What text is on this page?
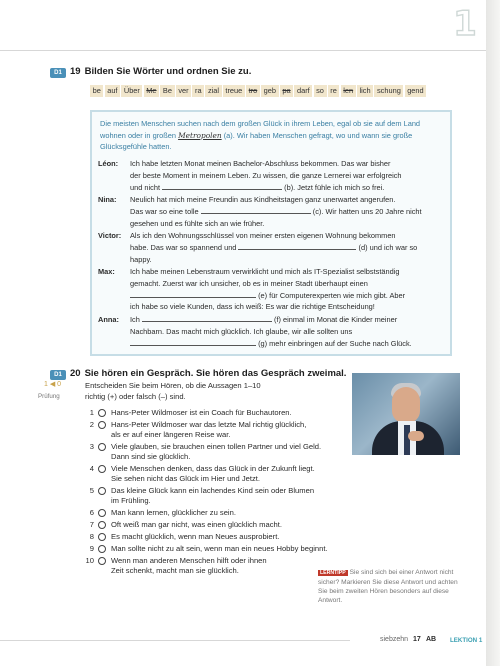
1
D1 19 Bilden Sie Wörter und ordnen Sie zu.
be auf Über Me Be ver ra zial treue tro geb pa darf so re len lich schung gend
Die meisten Menschen suchen nach dem großen Glück in ihrem Leben, egal ob sie auf dem Land wohnen oder in großen Metropolen (a). Wir haben Menschen gefragt, wo und wann sie große Glücksgefühle hatten.
Léon:	Ich habe letzten Monat meinen Bachelor-Abschluss bekommen. Das war bisher
der beste Moment in meinem Leben. Zu wissen, die ganze Lernerei war erfolgreich
und nicht	(b). Jetzt fühle ich mich so frei.
Nina:	Neulich hat mich meine Freundin aus Kindheitstagen ganz unerwartet angerufen.
Das war so eine tolle	(c). Wir hatten uns 20 Jahre nicht
gesehen und es fühlte sich an wie früher.
Victor:	Als ich den Wohnungsschlüssel von meiner ersten eigenen Wohnung bekommen
habe. Das war so spannend und	(d) und ich war so
happy.
Max:	Ich habe meinen Lebenstraum verwirklicht und mich als IT-Spezialist selbstständig
gemacht. Zuerst war ich unsicher, ob es in meiner Stadt überhaupt einen
(e) für Computerexperten wie mich gibt. Aber
ich habe so viele Kunden, dass ich weiß: Es war die richtige Entscheidung!
Anna:	Ich	(f) einmal im Monat die Kinder meiner
Nachbarn. Das macht mich glücklich. Ich glaube, wir alle sollten uns
(g) mehr einbringen auf der Suche nach Glück.
D1 20 Sie hören ein Gespräch. Sie hören das Gespräch zweimal.
1 ◀ 0
Prüfung
Entscheiden Sie beim Hören, ob die Aussagen 1–10
richtig (+) oder falsch (–) sind.
1 Hans-Peter Wildmoser ist ein Coach für Buchautoren.
2 Hans-Peter Wildmoser war das letzte Mal richtig glücklich,
als er auf einer längeren Reise war.
3 Viele glauben, sie brauchen einen tollen Partner und viel Geld.
Dann sind sie glücklich.
4 Viele Menschen denken, dass das Glück in der Zukunft liegt.
Sie sehen nicht das Glück im Hier und Jetzt.
5 Das kleine Glück kann ein lachendes Kind sein oder Blumen
im Frühling.
6 Man kann lernen, glücklicher zu sein.
7 Oft weiß man gar nicht, was einen glücklich macht.
8 Es macht glücklich, wenn man Neues ausprobiert.
9 Man sollte nicht zu alt sein, wenn man ein neues Hobby beginnt.
10 Wenn man anderen Menschen hilft oder ihnen
Zeit schenkt, macht man sie glücklich.	LERNTIPP Sie sind sich bei einer Antwort nicht sicher? Markieren Sie diese Antwort und achten Sie beim zweiten Hören besonders auf diese Antwort.
siebzehn 17 AB LEKTION 1
